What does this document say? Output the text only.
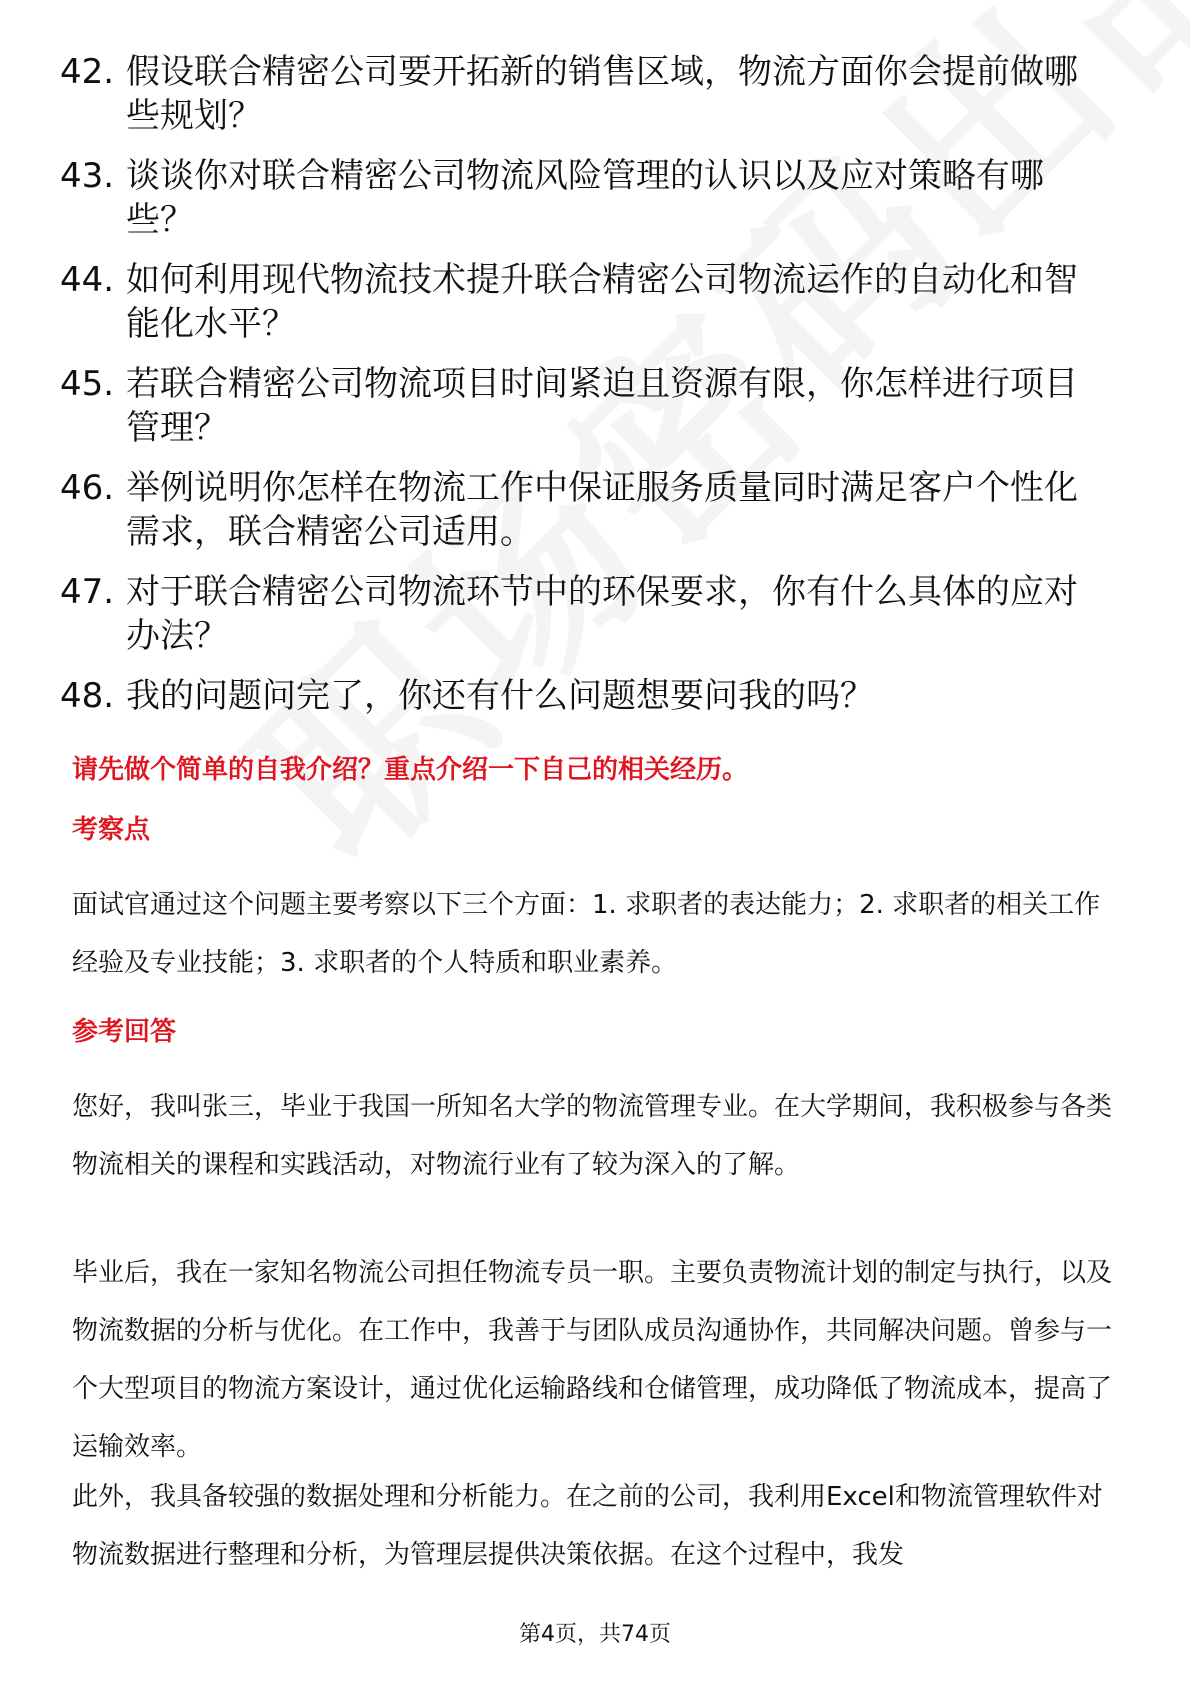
42. 假设联合精密公司要开拓新的销售区域，物流方面你会提前做哪些规划？
43. 谈谈你对联合精密公司物流风险管理的认识以及应对策略有哪些？
44. 如何利用现代物流技术提升联合精密公司物流运作的自动化和智能化水平？
45. 若联合精密公司物流项目时间紧迫且资源有限，你怎样进行项目管理？
46. 举例说明你怎样在物流工作中保证服务质量同时满足客户个性化需求，联合精密公司适用。
47. 对于联合精密公司物流环节中的环保要求，你有什么具体的应对办法？
48. 我的问题问完了，你还有什么问题想要问我的吗？
请先做个简单的自我介绍？重点介绍一下自己的相关经历。
考察点
面试官通过这个问题主要考察以下三个方面：1. 求职者的表达能力；2. 求职者的相关工作经验及专业技能；3. 求职者的个人特质和职业素养。
参考回答
您好，我叫张三，毕业于我国一所知名大学的物流管理专业。在大学期间，我积极参与各类物流相关的课程和实践活动，对物流行业有了较为深入的了解。
毕业后，我在一家知名物流公司担任物流专员一职。主要负责物流计划的制定与执行，以及物流数据的分析与优化。在工作中，我善于与团队成员沟通协作，共同解决问题。曾参与一个大型项目的物流方案设计，通过优化运输路线和仓储管理，成功降低了物流成本，提高了运输效率。
此外，我具备较强的数据处理和分析能力。在之前的公司，我利用Excel和物流管理软件对物流数据进行整理和分析，为管理层提供决策依据。在这个过程中，我发
第4页，共74页
